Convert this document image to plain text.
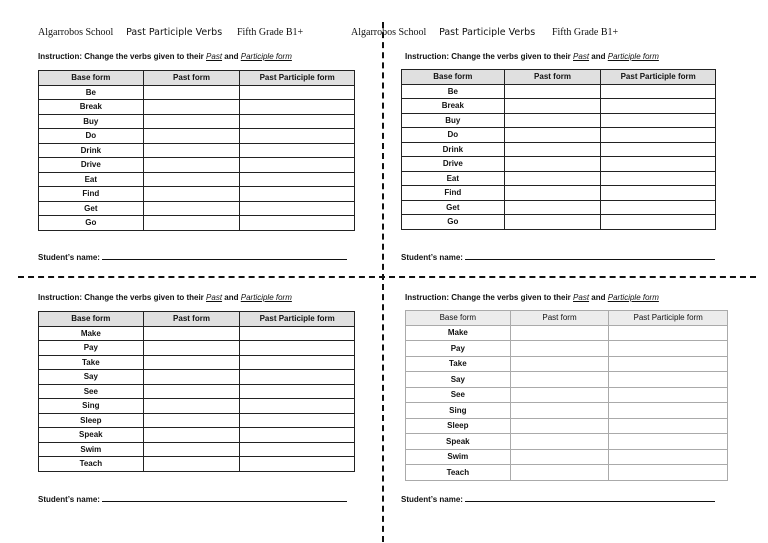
Algarrobos School Past Participle Verbs Fifth Grade B1+	Algarrobos School Past Participle Verbs Fifth Grade B1+
Instruction: Change the verbs given to their Past and Participle form
Base form	Past form	Past Participle form
Be		
Break		
Buy		
Do		
Drink		
Drive		
Eat		
Find		
Get		
Go		
Student’s name:
Instruction: Change the verbs given to their Past and Participle form
Base form	Past form	Past Participle form
Be		
Break		
Buy		
Do		
Drink		
Drive		
Eat		
Find		
Get		
Go		
Student’s name:
Instruction: Change the verbs given to their Past and Participle form
Base form	Past form	Past Participle form
Make		
Pay		
Take		
Say		
See		
Sing		
Sleep		
Speak		
Swim		
Teach		
Student’s name:
Instruction: Change the verbs given to their Past and Participle form
Base form	Past form	Past Participle form
Make		
Pay		
Take		
Say		
See		
Sing		
Sleep		
Speak		
Swim		
Teach		
Student’s name:
